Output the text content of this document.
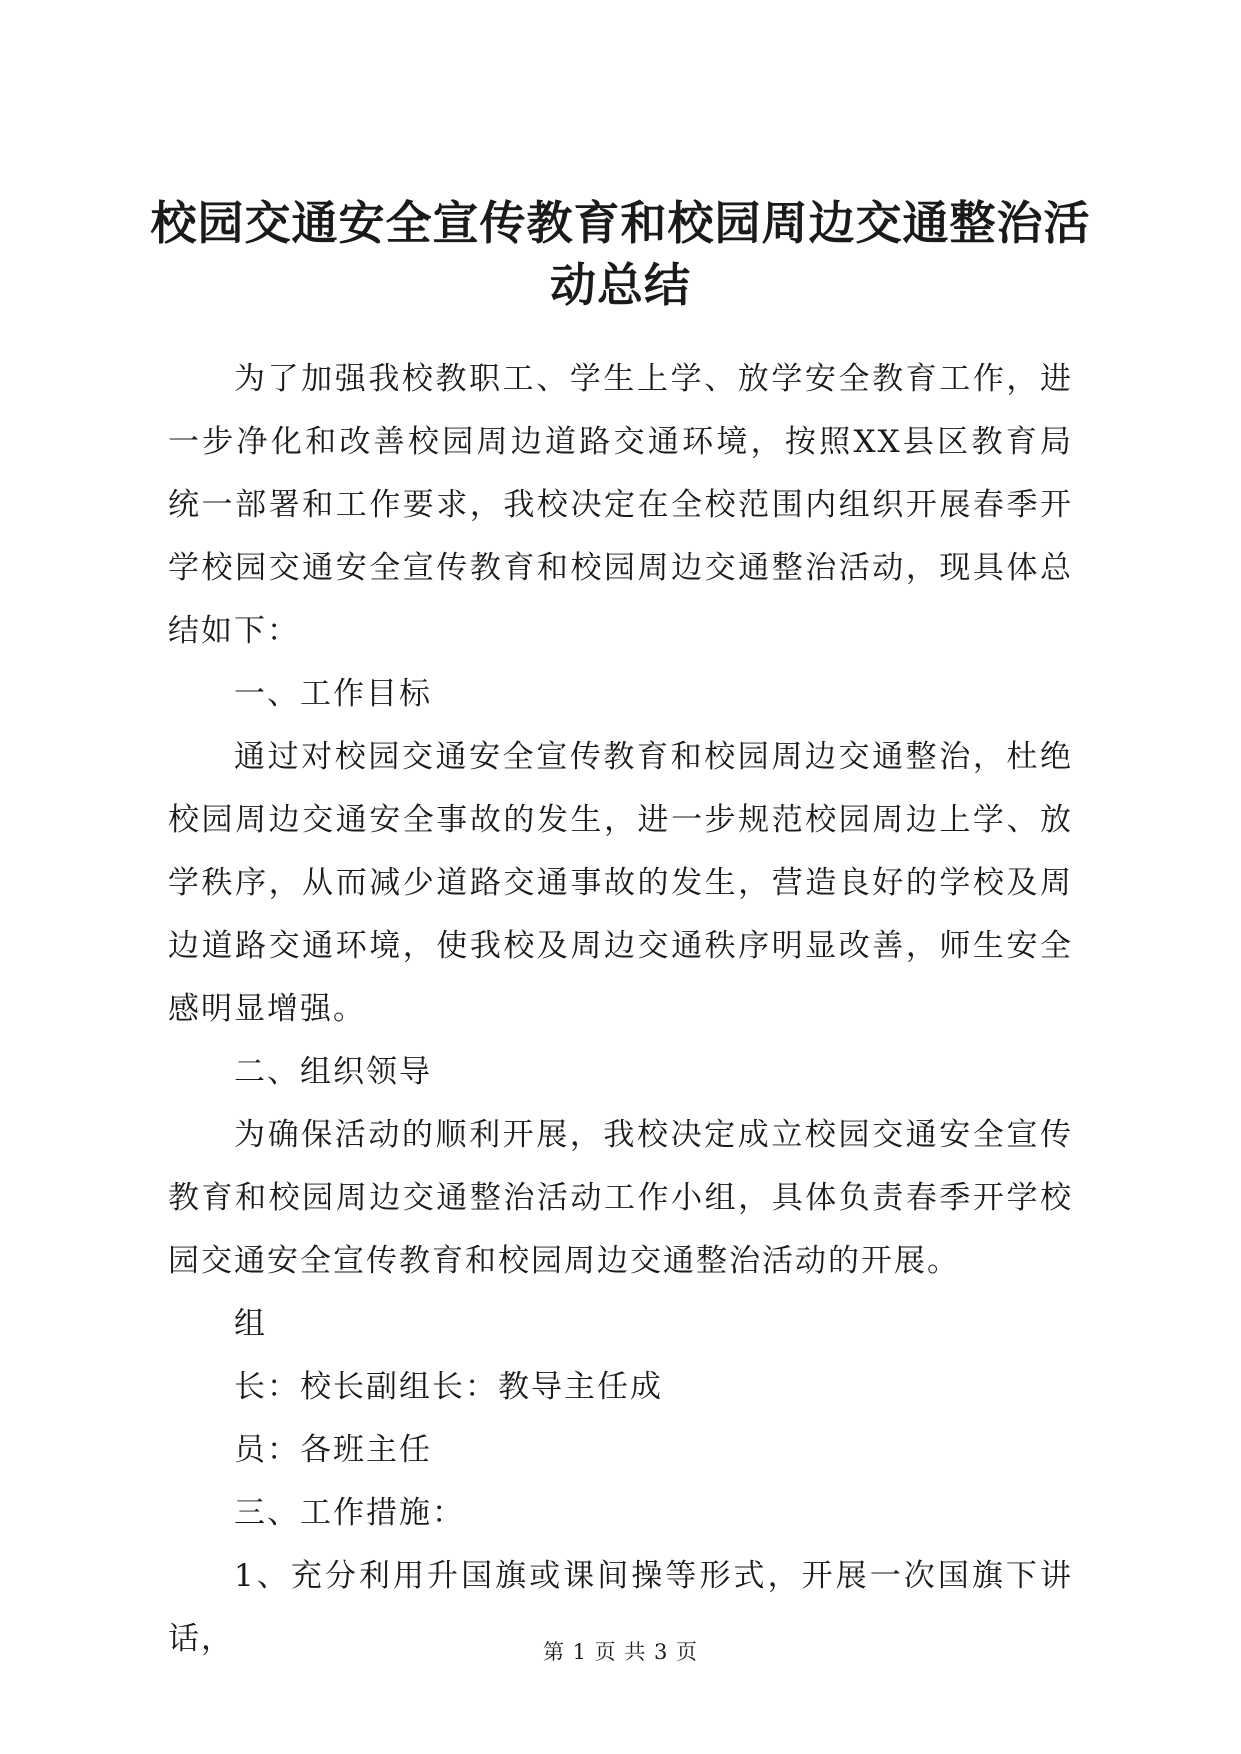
校园交通安全宣传教育和校园周边交通整治活
动总结

为了加强我校教职工、学生上学、放学安全教育工作，进一步净化和改善校园周边道路交通环境，按照XX县区教育局统一部署和工作要求，我校决定在全校范围内组织开展春季开学校园交通安全宣传教育和校园周边交通整治活动，现具体总结如下：

一、工作目标

通过对校园交通安全宣传教育和校园周边交通整治，杜绝校园周边交通安全事故的发生，进一步规范校园周边上学、放学秩序，从而减少道路交通事故的发生，营造良好的学校及周边道路交通环境，使我校及周边交通秩序明显改善，师生安全感明显增强。

二、组织领导

为确保活动的顺利开展，我校决定成立校园交通安全宣传教育和校园周边交通整治活动工作小组，具体负责春季开学校园交通安全宣传教育和校园周边交通整治活动的开展。

组

长：校长副组长：教导主任成

员：各班主任

三、工作措施：

1、充分利用升国旗或课间操等形式，开展一次国旗下讲话，	第 1 页 共 3 页
